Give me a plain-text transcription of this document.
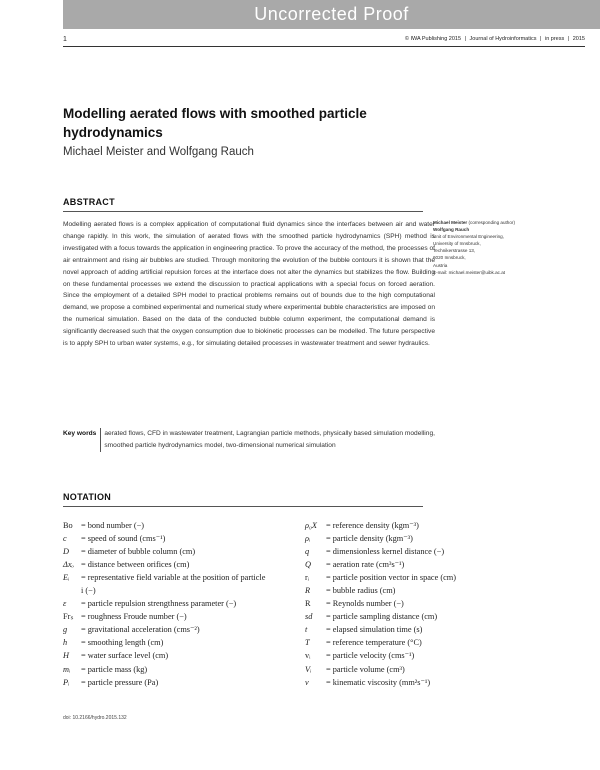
Uncorrected Proof
1	© IWA Publishing 2015 | Journal of Hydroinformatics | in press | 2015
Modelling aerated flows with smoothed particle hydrodynamics
Michael Meister and Wolfgang Rauch
ABSTRACT

Modelling aerated flows is a complex application of computational fluid dynamics since the interfaces between air and water change rapidly. In this work, the simulation of aerated flows with the smoothed particle hydrodynamics (SPH) method is investigated with a focus towards the application in engineering practice. To prove the accuracy of the method, the processes of air entrainment and rising air bubbles are studied. Through monitoring the evolution of the bubble contours it is shown that the novel approach of adding artificial repulsion forces at the interface does not alter the dynamics but stabilizes the flow. Building on these fundamental processes we extend the discussion to practical applications with a special focus on forced aeration. Since the employment of a detailed SPH model to practical problems remains out of bounds due to the high computational demand, we propose a combined experimental and numerical study where experimental bubble characteristics are imposed on the numerical simulation. Based on the data of the conducted bubble column experiment, the computational demand is significantly decreased such that the oxygen consumption due to biokinetic processes can be modelled. The future perspective is to apply SPH to urban water systems, e.g., for simulating detailed processes in wastewater treatment and sewer hydraulics.

Key words	aerated flows, CFD in wastewater treatment, Lagrangian particle methods, physically based simulation modelling, smoothed particle hydrodynamics model, two-dimensional numerical simulation
Michael Meister (corresponding author)
Wolfgang Rauch
Unit of Environmental Engineering,
University of Innsbruck,
Technikerstrasse 13,
6020 Innsbruck,
Austria
E-mail: michael.meister@uibk.ac.at
NOTATION
Bo	= bond number (−)
c	= speed of sound (cms⁻¹)
D	= diameter of bubble column (cm)
Δxₒ = distance between orifices (cm)
Eᵢ	= representative field variable at the position of particle
i (−)
ε	= particle repulsion strengthness parameter (−)
Frₛ = roughness Froude number (−)
g	= gravitational acceleration (cms⁻²)
h	= smoothing length (cm)
H	= water surface level (cm)
mᵢ	= particle mass (kg)
Pᵢ	= particle pressure (Pa)
ρ₀X	= reference density (kgm⁻³)
ρᵢ	= particle density (kgm⁻³)
q	= dimensionless kernel distance (−)
Q	= aeration rate (cm³s⁻¹)
rᵢ	= particle position vector in space (cm)
R	= bubble radius (cm)
R	= Reynolds number (−)
sd	= particle sampling distance (cm)
t	= elapsed simulation time (s)
T	= reference temperature (°C)
vᵢ	= particle velocity (cms⁻¹)
Vᵢ	= particle volume (cm³)
ν	= kinematic viscosity (mm²s⁻¹)
doi: 10.2166/hydro.2015.132
